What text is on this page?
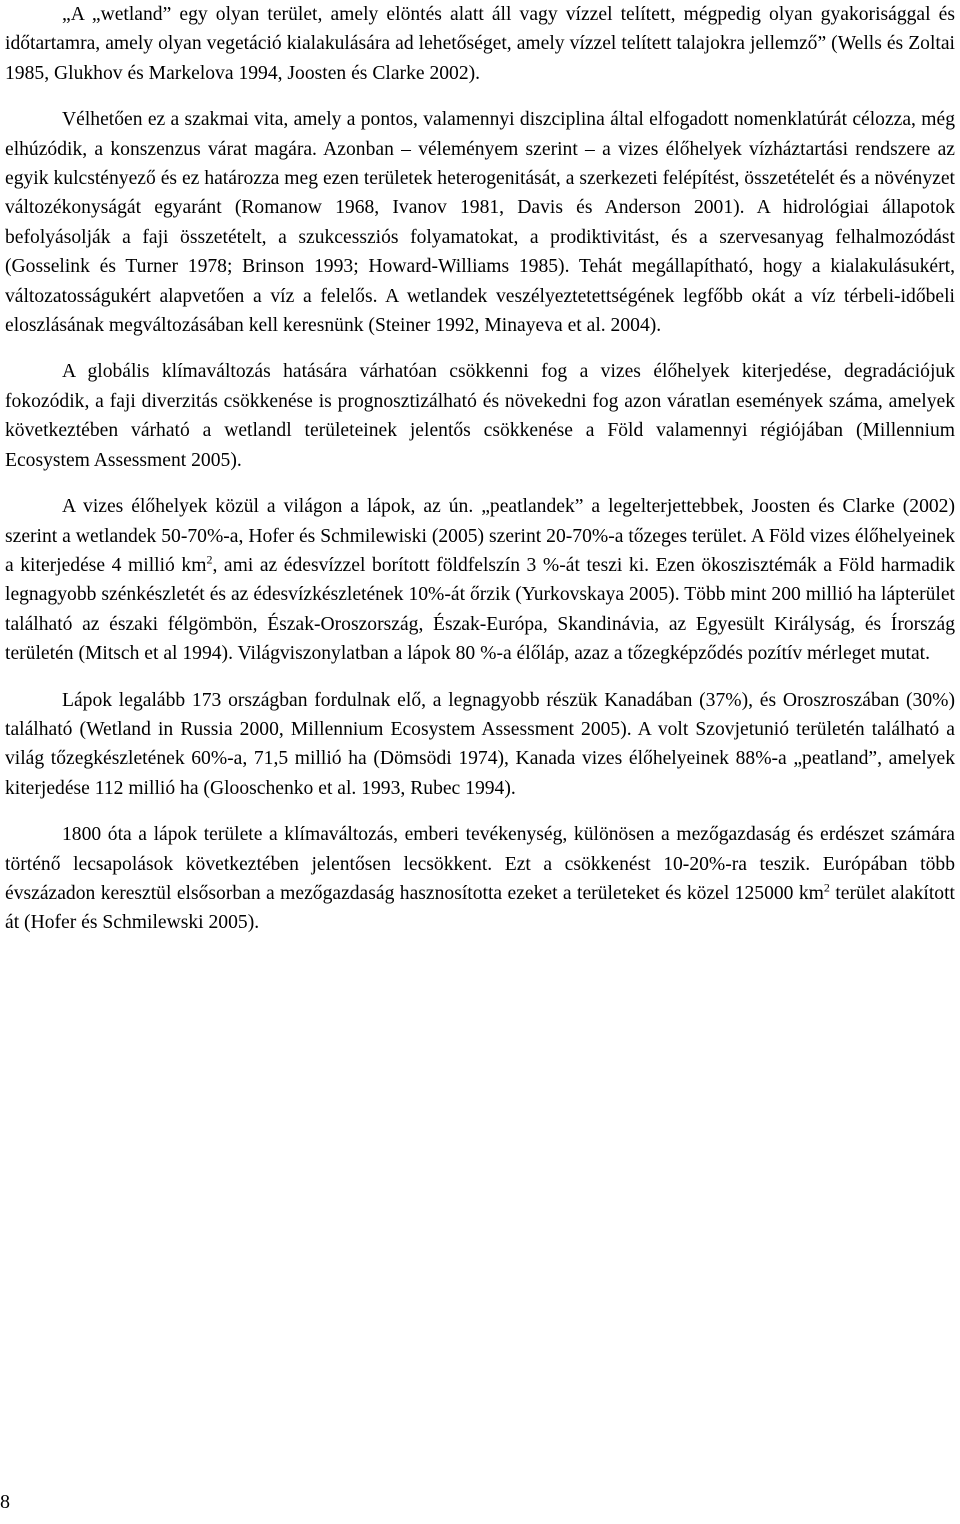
„A „wetland” egy olyan terület, amely elöntés alatt áll vagy vízzel telített, mégpedig olyan gyakorisággal és időtartamra, amely olyan vegetáció kialakulására ad lehetőséget, amely vízzel telített talajokra jellemző” (Wells és Zoltai 1985, Glukhov és Markelova 1994, Joosten és Clarke 2002).

Vélhetően ez a szakmai vita, amely a pontos, valamennyi diszciplina által elfogadott nomenklatúrát célozza, még elhúzódik, a konszenzus várat magára. Azonban – véleményem szerint – a vizes élőhelyek vízháztartási rendszere az egyik kulcstényező és ez határozza meg ezen területek heterogenitását, a szerkezeti felépítést, összetételét és a növényzet változékonyságát egyaránt (Romanow 1968, Ivanov 1981, Davis és Anderson 2001). A hidrológiai állapotok befolyásolják a faji összetételt, a szukcessziós folyamatokat, a prodiktivitást, és a szervesanyag felhalmozódást (Gosselink és Turner 1978; Brinson 1993; Howard-Williams 1985). Tehát megállapítható, hogy a kialakulásukért, változatosságukért alapvetően a víz a felelős. A wetlandek veszélyeztetettségének legfőbb okát a víz térbeli-időbeli eloszlásának megváltozásában kell keresnünk (Steiner 1992, Minayeva et al. 2004).

A globális klímaváltozás hatására várhatóan csökkenni fog a vizes élőhelyek kiterjedése, degradációjuk fokozódik, a faji diverzitás csökkenése is prognosztizálható és növekedni fog azon váratlan események száma, amelyek következtében várható a wetlandl területeinek jelentős csökkenése a Föld valamennyi régiójában (Millennium Ecosystem Assessment 2005).

A vizes élőhelyek közül a világon a lápok, az ún. „peatlandek” a legelterjettebbek, Joosten és Clarke (2002) szerint a wetlandek 50-70%-a, Hofer és Schmilewiski (2005) szerint 20-70%-a tőzeges terület. A Föld vizes élőhelyeinek a kiterjedése 4 millió $km^2$, ami az édesvízzel borított földfelszín 3 %-át teszi ki. Ezen ökoszisztémák a Föld harmadik legnagyobb szénkészletét és az édesvízkészletének 10%-át őrzik (Yurkovskaya 2005). Több mint 200 millió ha lápterület található az északi félgömbön, Észak-Oroszország, Észak-Európa, Skandinávia, az Egyesült Királyság, és Írország területén (Mitsch et al 1994). Világviszonylatban a lápok 80 %-a élőláp, azaz a tőzegképződés pozítív mérleget mutat.

Lápok legalább 173 országban fordulnak elő, a legnagyobb részük Kanadában (37%), és Oroszroszában (30%) található (Wetland in Russia 2000, Millennium Ecosystem Assessment 2005). A volt Szovjetunió területén található a világ tőzegkészletének 60%-a, 71,5 millió ha (Dömsödi 1974), Kanada vizes élőhelyeinek 88%-a „peatland”, amelyek kiterjedése 112 millió ha (Glooschenko et al. 1993, Rubec 1994).

1800 óta a lápok területe a klímaváltozás, emberi tevékenység, különösen a mezőgazdaság és erdészet számára történő lecsapolások következtében jelentősen lecsökkent. Ezt a csökkenést 10-20%-ra teszik. Európában több évszázadon keresztül elsősorban a mezőgazdaság hasznosította ezeket a területeket és közel 125000 $km^2$ terület alakított át (Hofer és Schmilewski 2005).

8
